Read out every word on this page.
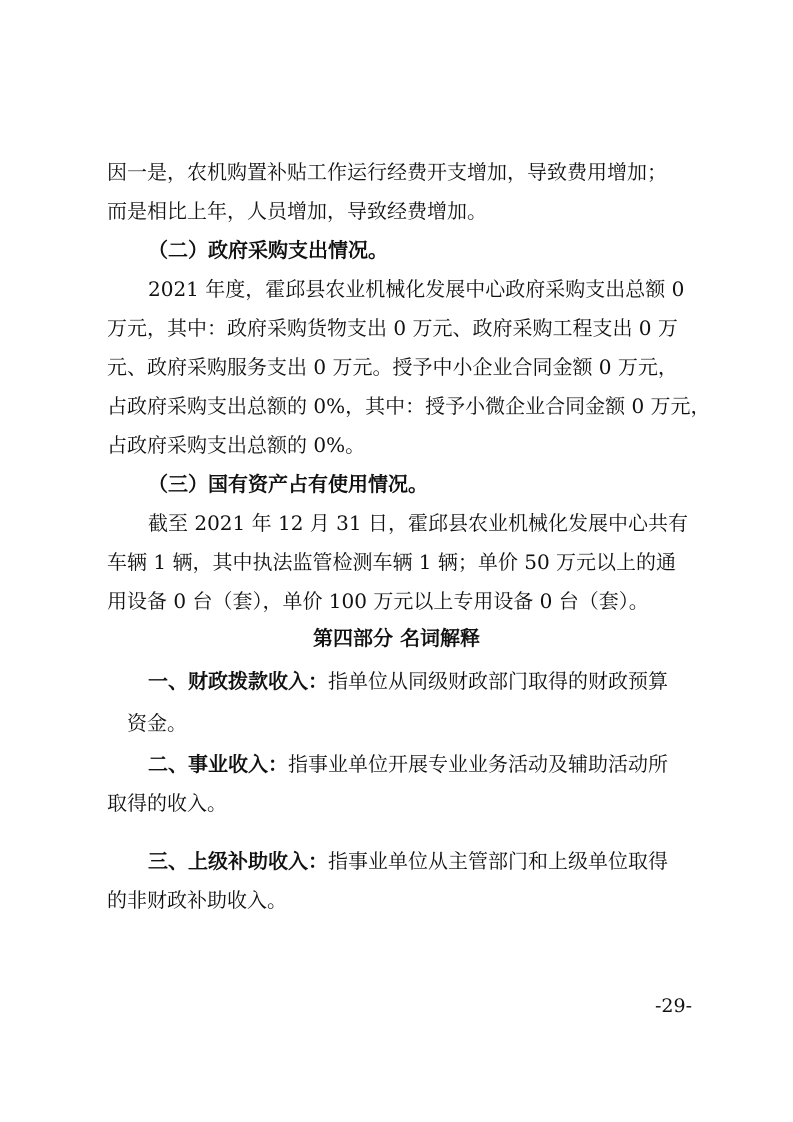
因一是，农机购置补贴工作运行经费开支增加，导致费用增加；
而是相比上年，人员增加，导致经费增加。
（二）政府采购支出情况。
2021 年度，霍邱县农业机械化发展中心政府采购支出总额 0
万元，其中：政府采购货物支出 0 万元、政府采购工程支出 0 万
元、政府采购服务支出 0 万元。授予中小企业合同金额 0 万元，
占政府采购支出总额的 0%，其中：授予小微企业合同金额 0 万元，
占政府采购支出总额的 0%。
（三）国有资产占有使用情况。
截至 2021 年 12 月 31 日，霍邱县农业机械化发展中心共有
车辆 1 辆，其中执法监管检测车辆 1 辆；单价 50 万元以上的通
用设备 0 台（套），单价 100 万元以上专用设备 0 台（套）。
第四部分 名词解释
一、财政拨款收入：指单位从同级财政部门取得的财政预算
资金。
二、事业收入：指事业单位开展专业业务活动及辅助活动所
取得的收入。
三、上级补助收入：指事业单位从主管部门和上级单位取得
的非财政补助收入。
-29-
